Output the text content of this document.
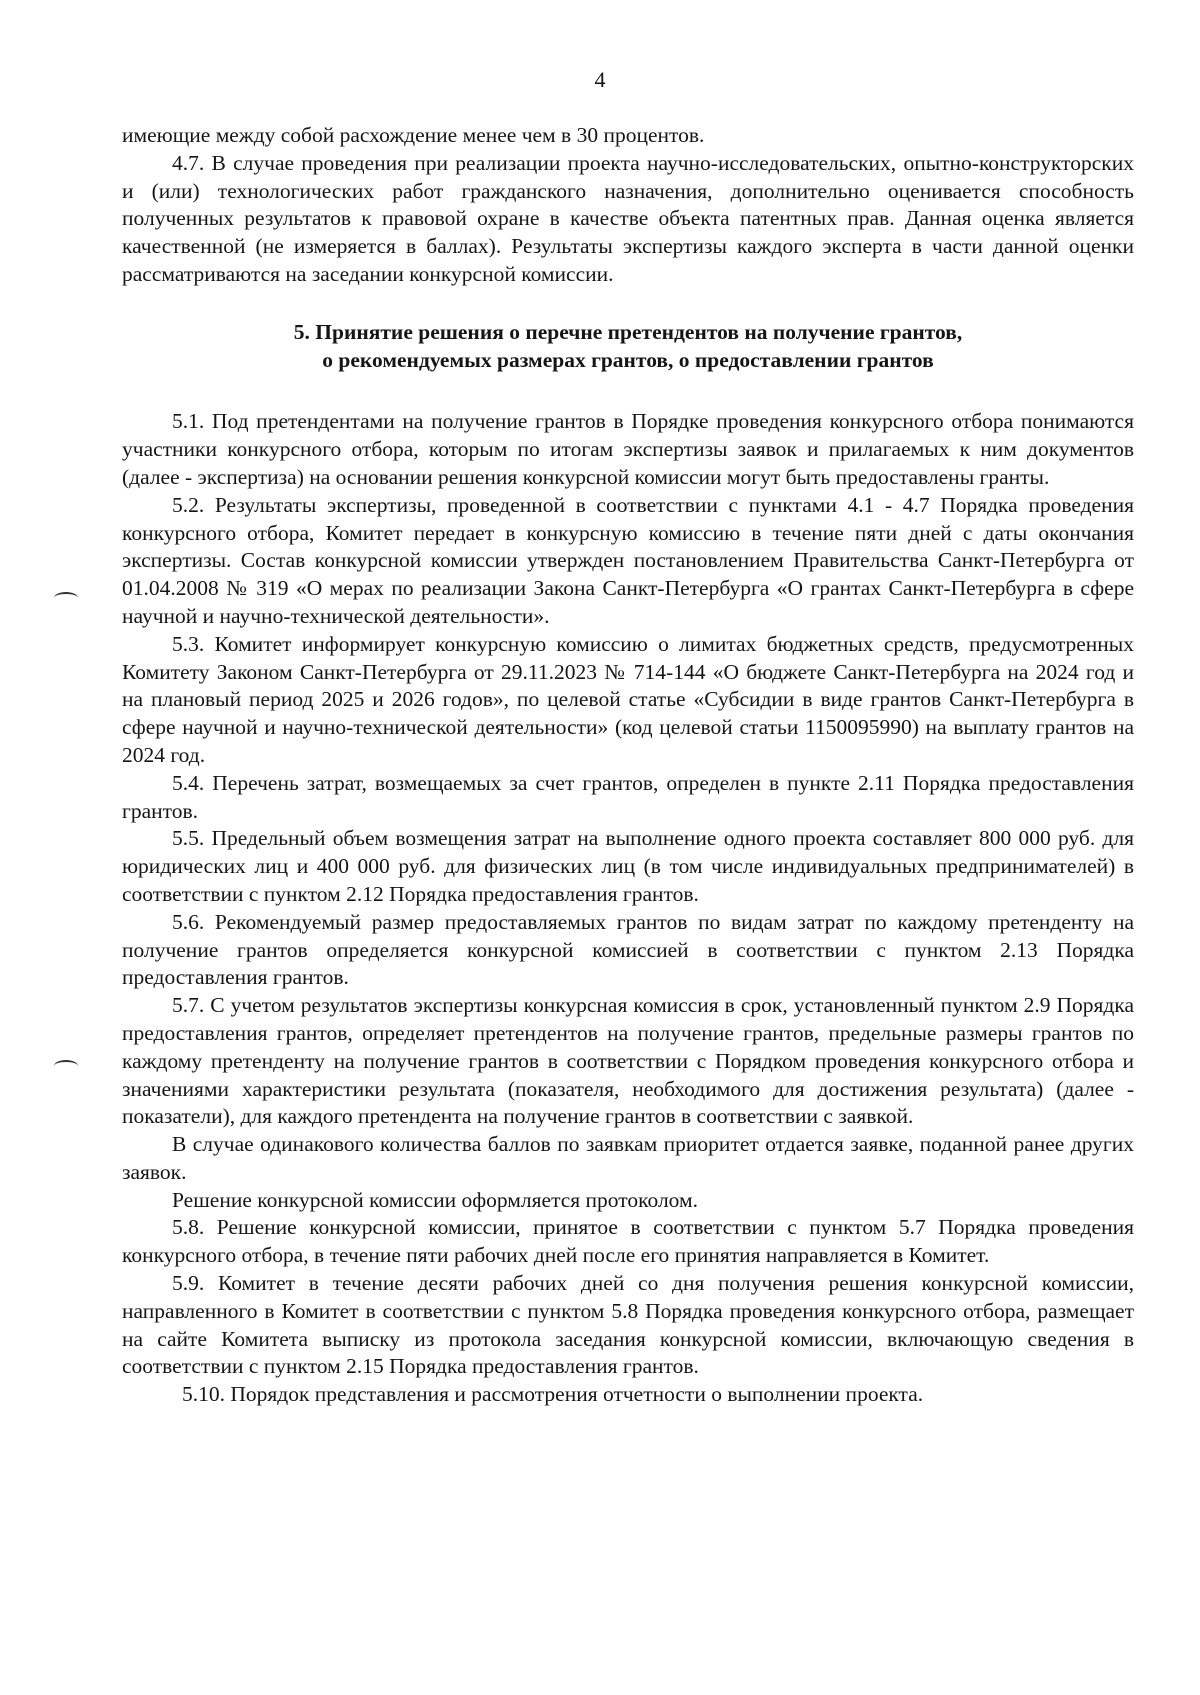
4

имеющие между собой расхождение менее чем в 30 процентов.

4.7. В случае проведения при реализации проекта научно-исследовательских, опытно-конструкторских и (или) технологических работ гражданского назначения, дополнительно оценивается способность полученных результатов к правовой охране в качестве объекта патентных прав. Данная оценка является качественной (не измеряется в баллах). Результаты экспертизы каждого эксперта в части данной оценки рассматриваются на заседании конкурсной комиссии.

5. Принятие решения о перечне претендентов на получение грантов,
о рекомендуемых размерах грантов, о предоставлении грантов

5.1. Под претендентами на получение грантов в Порядке проведения конкурсного отбора понимаются участники конкурсного отбора, которым по итогам экспертизы заявок и прилагаемых к ним документов (далее - экспертиза) на основании решения конкурсной комиссии могут быть предоставлены гранты.

5.2. Результаты экспертизы, проведенной в соответствии с пунктами 4.1 - 4.7 Порядка проведения конкурсного отбора, Комитет передает в конкурсную комиссию в течение пяти дней с даты окончания экспертизы. Состав конкурсной комиссии утвержден постановлением Правительства Санкт-Петербурга от 01.04.2008 № 319 «О мерах по реализации Закона Санкт-Петербурга «О грантах Санкт-Петербурга в сфере научной и научно-технической деятельности».

5.3. Комитет информирует конкурсную комиссию о лимитах бюджетных средств, предусмотренных Комитету Законом Санкт-Петербурга от 29.11.2023 № 714-144 «О бюджете Санкт-Петербурга на 2024 год и на плановый период 2025 и 2026 годов», по целевой статье «Субсидии в виде грантов Санкт-Петербурга в сфере научной и научно-технической деятельности» (код целевой статьи 1150095990) на выплату грантов на 2024 год.

5.4. Перечень затрат, возмещаемых за счет грантов, определен в пункте 2.11 Порядка предоставления грантов.

5.5. Предельный объем возмещения затрат на выполнение одного проекта составляет 800 000 руб. для юридических лиц и 400 000 руб. для физических лиц (в том числе индивидуальных предпринимателей) в соответствии с пунктом 2.12 Порядка предоставления грантов.

5.6. Рекомендуемый размер предоставляемых грантов по видам затрат по каждому претенденту на получение грантов определяется конкурсной комиссией в соответствии с пунктом 2.13 Порядка предоставления грантов.

5.7. С учетом результатов экспертизы конкурсная комиссия в срок, установленный пунктом 2.9 Порядка предоставления грантов, определяет претендентов на получение грантов, предельные размеры грантов по каждому претенденту на получение грантов в соответствии с Порядком проведения конкурсного отбора и значениями характеристики результата (показателя, необходимого для достижения результата) (далее - показатели), для каждого претендента на получение грантов в соответствии с заявкой.

В случае одинакового количества баллов по заявкам приоритет отдается заявке, поданной ранее других заявок.

Решение конкурсной комиссии оформляется протоколом.

5.8. Решение конкурсной комиссии, принятое в соответствии с пунктом 5.7 Порядка проведения конкурсного отбора, в течение пяти рабочих дней после его принятия направляется в Комитет.

5.9. Комитет в течение десяти рабочих дней со дня получения решения конкурсной комиссии, направленного в Комитет в соответствии с пунктом 5.8 Порядка проведения конкурсного отбора, размещает на сайте Комитета выписку из протокола заседания конкурсной комиссии, включающую сведения в соответствии с пунктом 2.15 Порядка предоставления грантов.

5.10. Порядок представления и рассмотрения отчетности о выполнении проекта.
